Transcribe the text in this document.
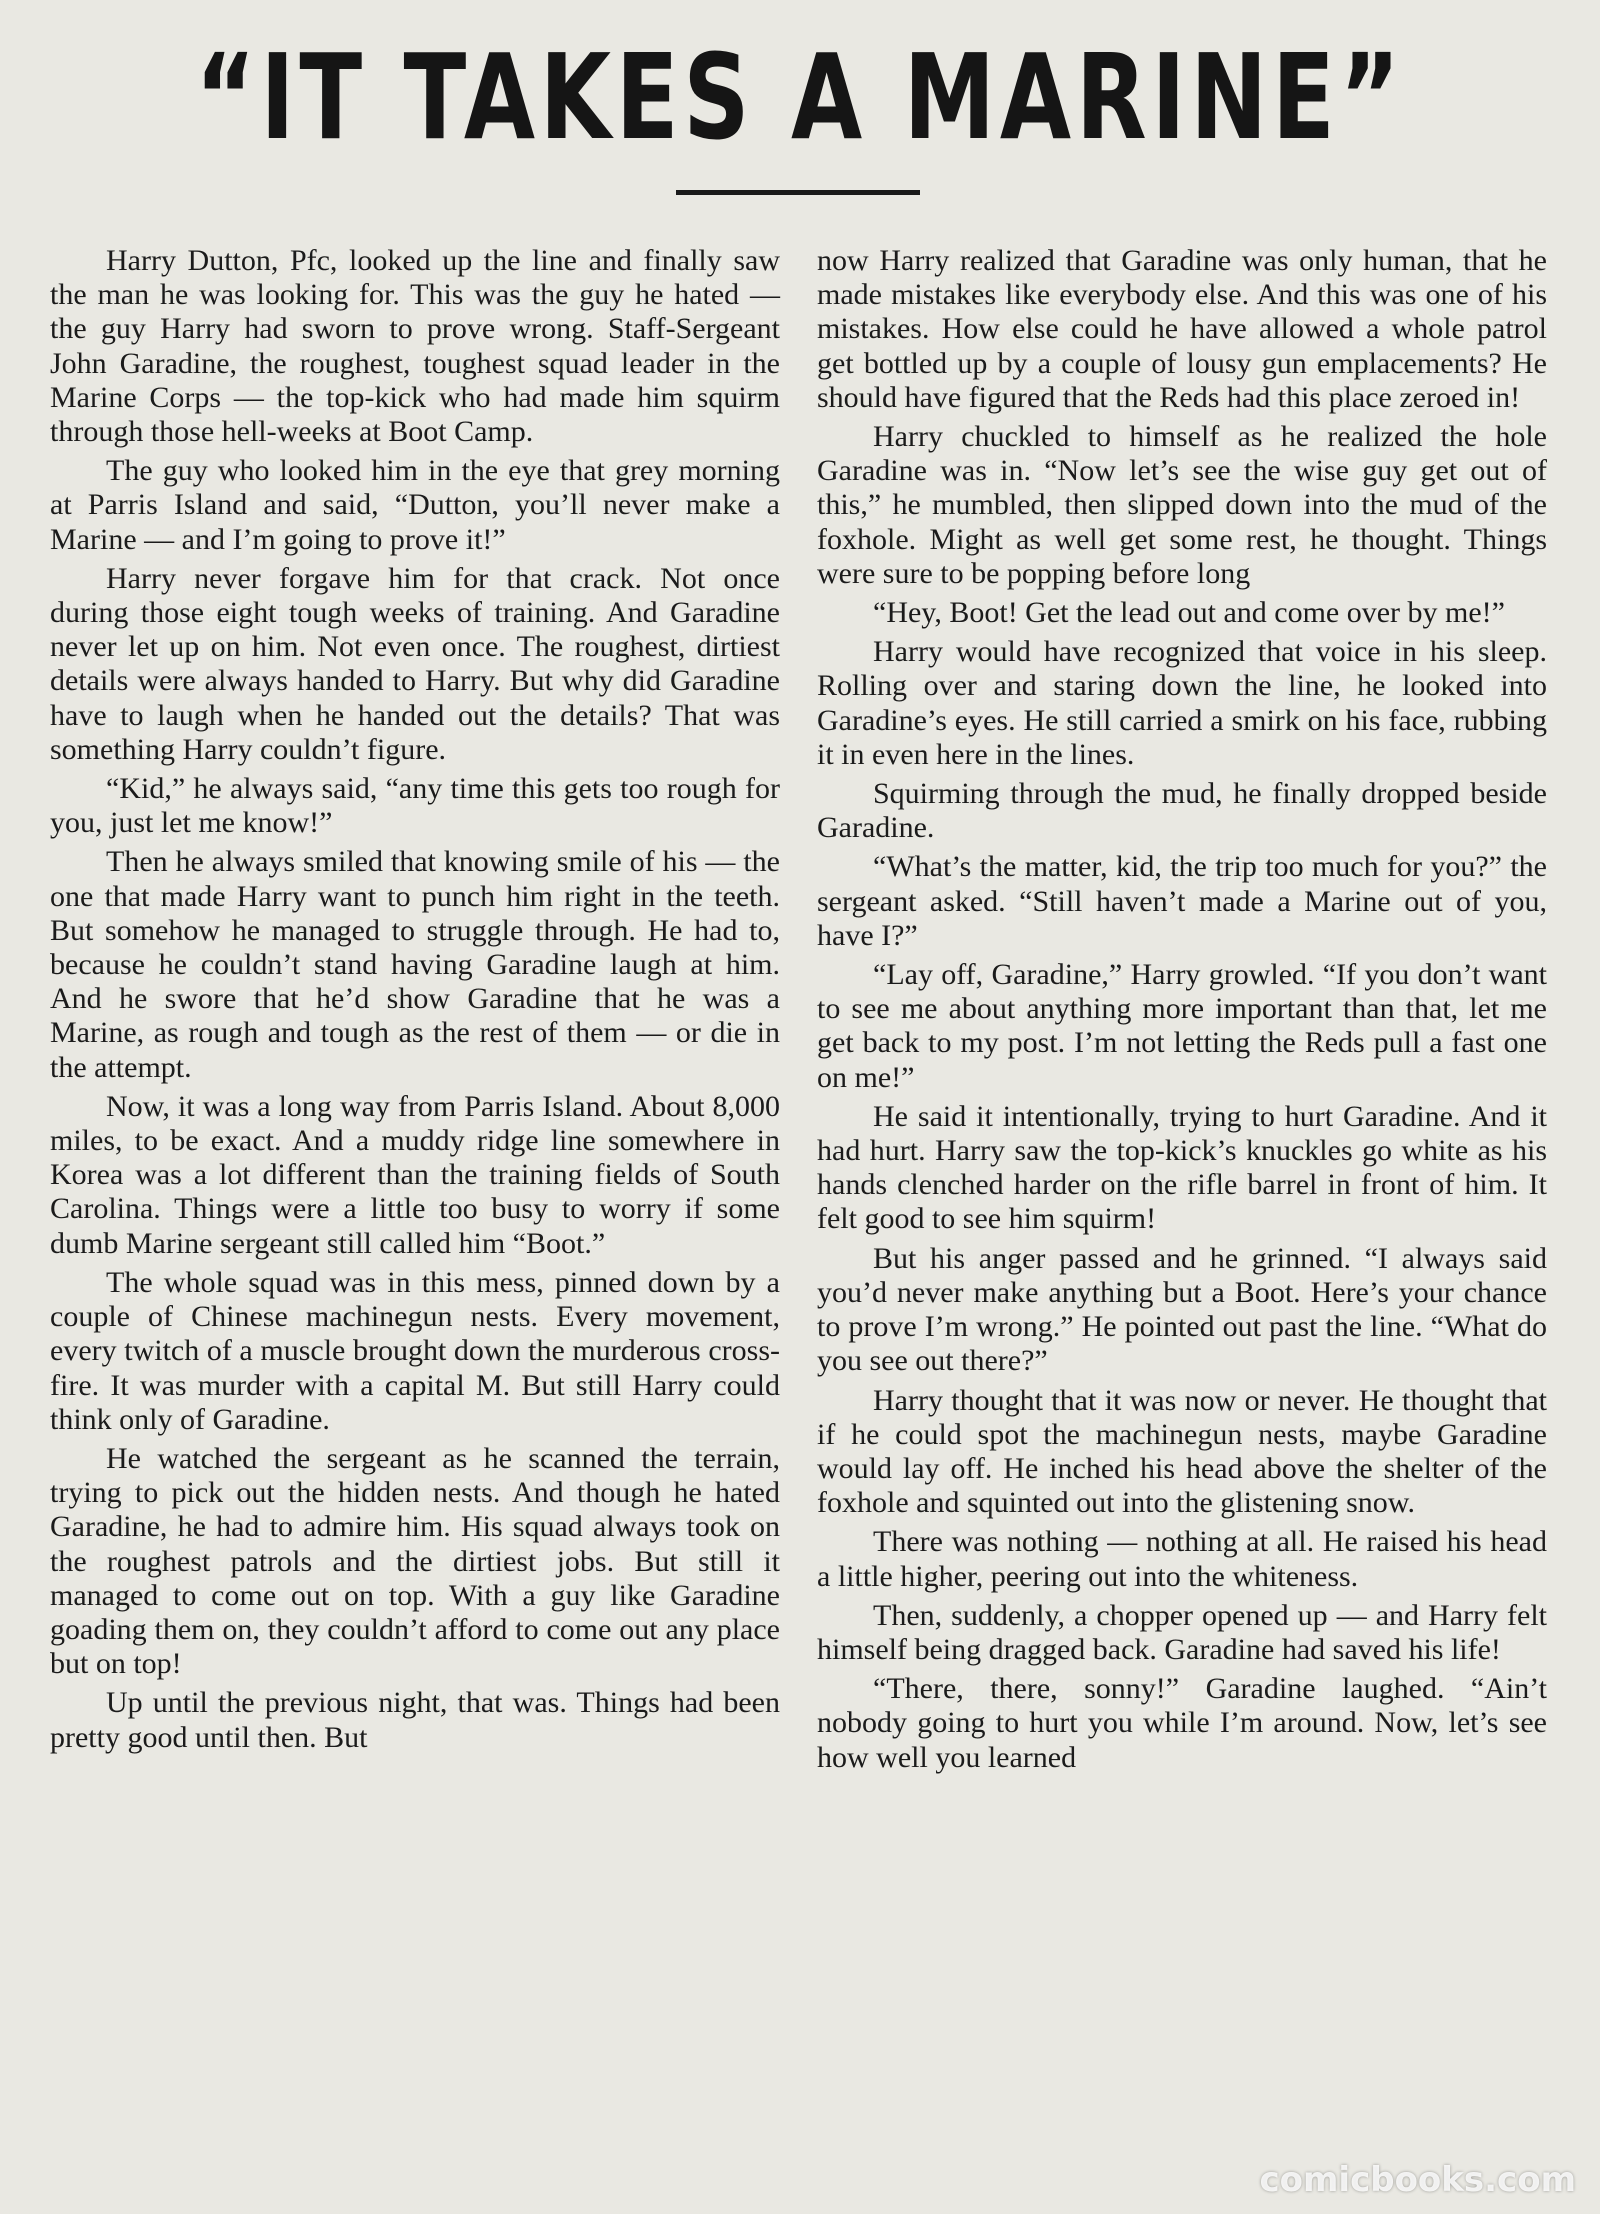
“IT TAKES A MARINE”

Harry Dutton, Pfc, looked up the line and finally saw the man he was looking for. This was the guy he hated — the guy Harry had sworn to prove wrong. Staff-Sergeant John Garadine, the roughest, toughest squad leader in the Marine Corps — the top-kick who had made him squirm through those hell-weeks at Boot Camp.

The guy who looked him in the eye that grey morning at Parris Island and said, “Dutton, you’ll never make a Marine — and I’m going to prove it!”

Harry never forgave him for that crack. Not once during those eight tough weeks of training. And Garadine never let up on him. Not even once. The roughest, dirtiest details were always handed to Harry. But why did Garadine have to laugh when he handed out the details? That was something Harry couldn’t figure.

“Kid,” he always said, “any time this gets too rough for you, just let me know!”

Then he always smiled that knowing smile of his — the one that made Harry want to punch him right in the teeth. But somehow he managed to struggle through. He had to, because he couldn’t stand having Garadine laugh at him. And he swore that he’d show Garadine that he was a Marine, as rough and tough as the rest of them — or die in the attempt.

Now, it was a long way from Parris Island. About 8,000 miles, to be exact. And a muddy ridge line somewhere in Korea was a lot different than the training fields of South Carolina. Things were a little too busy to worry if some dumb Marine sergeant still called him “Boot.”

The whole squad was in this mess, pinned down by a couple of Chinese machinegun nests. Every movement, every twitch of a muscle brought down the murderous cross-fire. It was murder with a capital M. But still Harry could think only of Garadine.

He watched the sergeant as he scanned the terrain, trying to pick out the hidden nests. And though he hated Garadine, he had to admire him. His squad always took on the roughest patrols and the dirtiest jobs. But still it managed to come out on top. With a guy like Garadine goading them on, they couldn’t afford to come out any place but on top!

Up until the previous night, that was. Things had been pretty good until then. But

now Harry realized that Garadine was only human, that he made mistakes like everybody else. And this was one of his mistakes. How else could he have allowed a whole patrol get bottled up by a couple of lousy gun emplacements? He should have figured that the Reds had this place zeroed in!

Harry chuckled to himself as he realized the hole Garadine was in. “Now let’s see the wise guy get out of this,” he mumbled, then slipped down into the mud of the foxhole. Might as well get some rest, he thought. Things were sure to be popping before long

“Hey, Boot! Get the lead out and come over by me!”

Harry would have recognized that voice in his sleep. Rolling over and staring down the line, he looked into Garadine’s eyes. He still carried a smirk on his face, rubbing it in even here in the lines.

Squirming through the mud, he finally dropped beside Garadine.

“What’s the matter, kid, the trip too much for you?” the sergeant asked. “Still haven’t made a Marine out of you, have I?”

“Lay off, Garadine,” Harry growled. “If you don’t want to see me about anything more important than that, let me get back to my post. I’m not letting the Reds pull a fast one on me!”

He said it intentionally, trying to hurt Garadine. And it had hurt. Harry saw the top-kick’s knuckles go white as his hands clenched harder on the rifle barrel in front of him. It felt good to see him squirm!

But his anger passed and he grinned. “I always said you’d never make anything but a Boot. Here’s your chance to prove I’m wrong.” He pointed out past the line. “What do you see out there?”

Harry thought that it was now or never. He thought that if he could spot the machinegun nests, maybe Garadine would lay off. He inched his head above the shelter of the foxhole and squinted out into the glistening snow.

There was nothing — nothing at all. He raised his head a little higher, peering out into the whiteness.

Then, suddenly, a chopper opened up — and Harry felt himself being dragged back. Garadine had saved his life!

“There, there, sonny!” Garadine laughed. “Ain’t nobody going to hurt you while I’m around. Now, let’s see how well you learned

comicbooks.com
